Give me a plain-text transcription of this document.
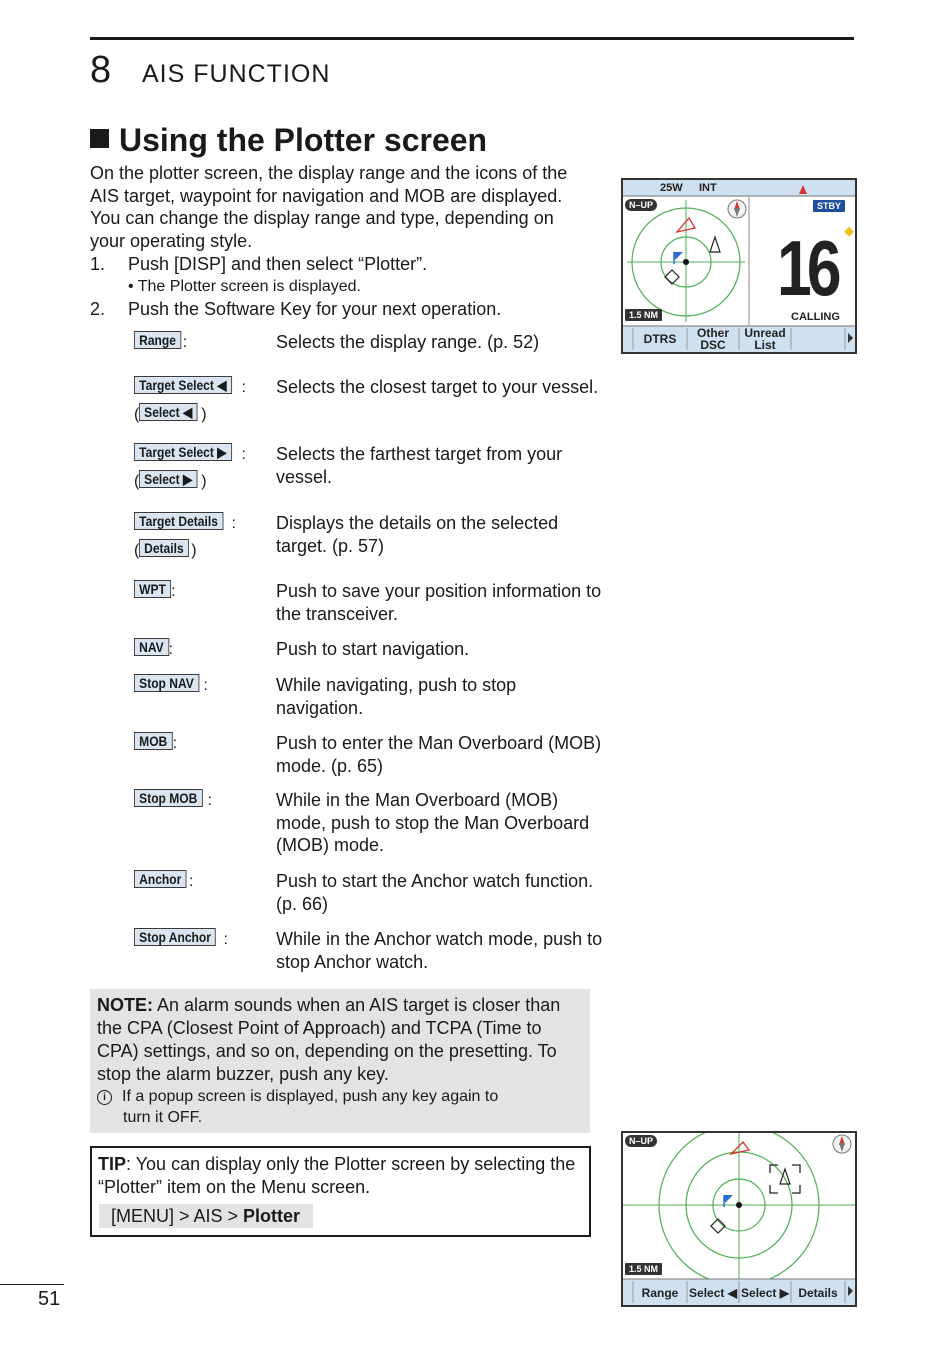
8 AIS FUNCTION
Using the Plotter screen

On the plotter screen, the display range and the icons of the AIS target, waypoint for navigation and MOB are displayed. You can change the display range and type, depending on your operating style.

1. Push [DISP] and then select “Plotter”.
• The Plotter screen is displayed.
2. Push the Software Key for your next operation.
Range :	Selects the display range. (p. 52)

Target Select ◀ :
( Select ◀ )

Selects the closest target to your vessel.

Target Select ▶ :
( Select ▶ )

Selects the farthest target from your vessel.

Target Details :
( Details )

Displays the details on the selected target. (p. 57)

WPT :	Push to save your position information to the transceiver.

NAV :	Push to start navigation.

Stop NAV :	While navigating, push to stop navigation.

MOB :	Push to enter the Man Overboard (MOB) mode. (p. 65)

Stop MOB :	While in the Man Overboard (MOB) mode, push to stop the Man Overboard (MOB) mode.

Anchor :	Push to start the Anchor watch function. (p. 66)

Stop Anchor :	While in the Anchor watch mode, push to stop Anchor watch.

NOTE: An alarm sounds when an AIS target is closer than the CPA (Closest Point of Approach) and TCPA (Time to CPA) settings, and so on, depending on the presetting. To stop the alarm buzzer, push any key.

i If a popup screen is displayed, push any key again to
turn it OFF.

TIP: You can display only the Plotter screen by selecting the “Plotter” item on the Menu screen.

[MENU] > AIS > Plotter
51
25W INT
N–UP	STBY
16
CALLING
1.5 NM
DTRS	Other DSC
Unread List
N–UP
1.5 NM
Range Select ◀ Select ▶ Details
